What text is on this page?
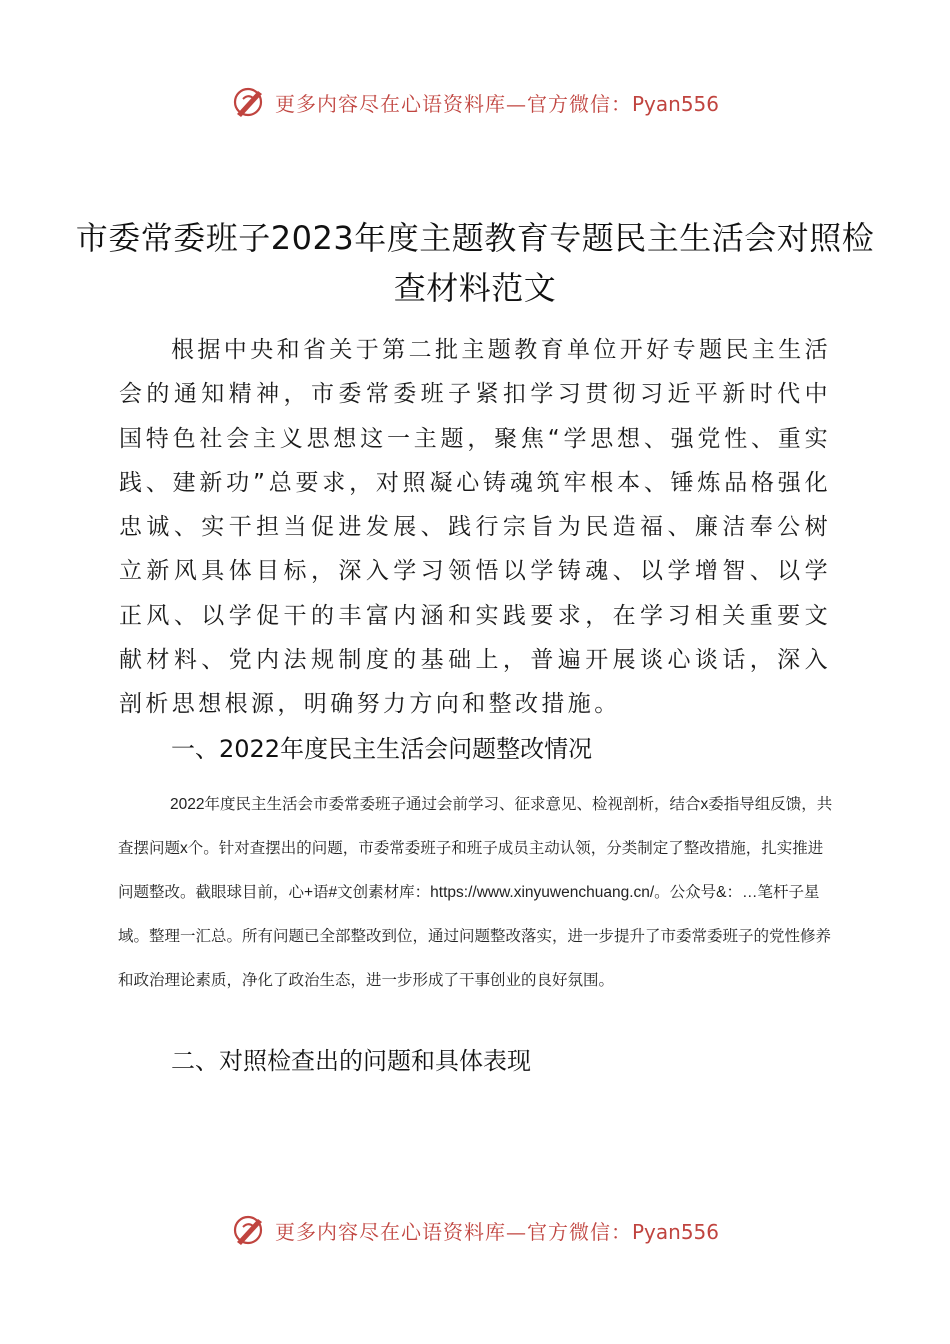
更多内容尽在心语资料库—官方微信：Pyan556
市委常委班子2023年度主题教育专题民主生活会对照检查材料范文

根据中央和省关于第二批主题教育单位开好专题民主生活会的通知精神，市委常委班子紧扣学习贯彻习近平新时代中国特色社会主义思想这一主题，聚焦“学思想、强党性、重实践、建新功”总要求，对照凝心铸魂筑牢根本、锤炼品格强化忠诚、实干担当促进发展、践行宗旨为民造福、廉洁奉公树立新风具体目标，深入学习领悟以学铸魂、以学增智、以学正风、以学促干的丰富内涵和实践要求，在学习相关重要文献材料、党内法规制度的基础上，普遍开展谈心谈话，深入剖析思想根源，明确努力方向和整改措施。

一、2022年度民主生活会问题整改情况

2022年度民主生活会市委常委班子通过会前学习、征求意见、检视剖析，结合x委指导组反馈，共查摆问题x个。针对查摆出的问题，市委常委班子和班子成员主动认领，分类制定了整改措施，扎实推进问题整改。截眼球目前，心+语#文创素材库：https://www.xinyuwenchuang.cn/。公众号&：…笔杆子星域。整理一汇总。所有问题已全部整改到位，通过问题整改落实，进一步提升了市委常委班子的党性修养和政治理论素质，净化了政治生态，进一步形成了干事创业的良好氛围。

二、对照检查出的问题和具体表现
更多内容尽在心语资料库—官方微信：Pyan556
